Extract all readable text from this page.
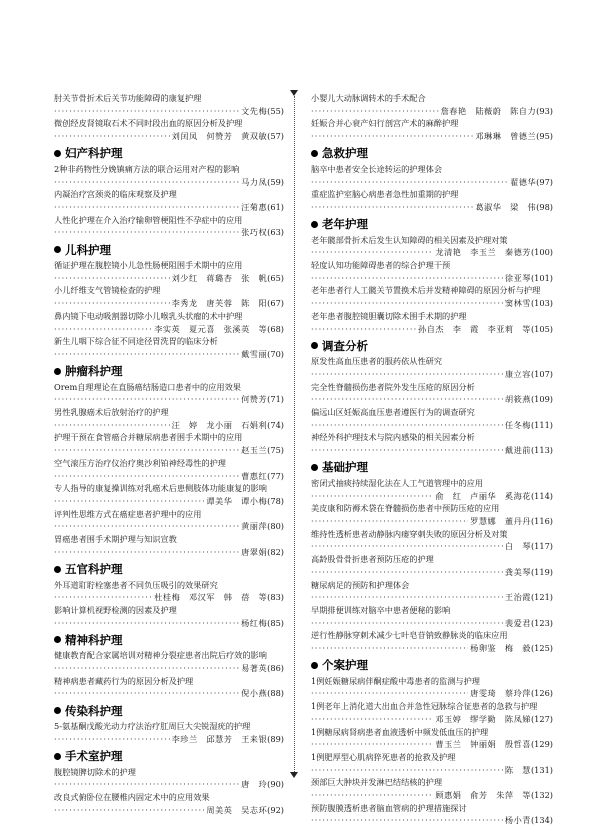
肘关节骨折术后关节功能障碍的康复护理
·····
文先梅 ( 55 )
微创经皮肾镜取石术不同时段出血的原因分析及护理
·····
刘闰凤　何赞芳　黄双敏 ( 57 )
妇产科护理
2种非药物性分娩镇痛方法的联合运用对产程的影响
·····
马力凤 ( 59 )
内凝治疗宫颈炎的临床观察及护理
·····
汪菊惠 ( 61 )
人性化护理在介入治疗输卵管梗阻性不孕症中的应用
·····
张巧权 ( 63 )
儿科护理
循证护理在腹腔镜小儿急性肠梗阻围手术期中的应用
·····
刘少红　蒋璐杏　张　帆 ( 65 )
小儿纤维支气管镜检查的护理
·····
李秀龙　唐芙蓉　陈　阳 ( 67 )
鼻内镜下电动吸割器切除小儿喉乳头状瘤的术中护理
·····
李实英　夏元喜　张溪英　等 ( 68 )
新生儿咽下综合征不同途径胃洗胃的临床分析
·····
戴雪丽 ( 70 )
肿瘤科护理
Orem自理理论在直肠癌结肠造口患者中的应用效果
·····
何赞芳 ( 71 )
男性乳腺癌术后放射治疗的护理
·····
汪　婷　龙小丽　石娟利 ( 74 )
护理干预在食管癌合并糖尿病患者围手术期中的应用
·····
赵玉兰 ( 75 )
空气滚压方治疗仪治疗奥沙利铂神经毒性的护理
·····
曹惠红 ( 77 )
专人指导的康复操训练对乳癌术后患侧肢体功能康复的影响
·····
谭美华　谭小梅 ( 78 )
评判性思维方式在癌症患者护理中的应用
·····
黄丽萍 ( 80 )
胃癌患者围手术期护理与知识宣教
·····
唐翠娟 ( 82 )
五官科护理
外耳道耵聍栓塞患者不同负压吸引的效果研究
·····
杜桂梅　邓汉军　韩　蓓　等 ( 83 )
影响计算机视野检测的因素及护理
·····
杨红梅 ( 85 )
精神科护理
健康教育配合家属培训对精神分裂症患者出院后疗效的影响
·····
易著英 ( 86 )
精神病患者藏药行为的原因分析及护理
·····
倪小燕 ( 88 )
传染科护理
5-氨基酮戊酸光动力疗法治疗肛周巨大尖锐湿疣的护理
·····
李珍兰　邱慧芳　王来银 ( 89 )
手术室护理
腹腔镜脾切除术的护理
·····
唐　玲 ( 90 )
改良式俯卧位在腰椎内固定术中的应用效果
·····
周美英　吴志环 ( 92 )
小婴儿大动脉调转术的手术配合
·····
詹春艳　陆薇蔚　陈自力 ( 93 )
妊娠合并心衰产妇行剖宫产术的麻醉护理
·····
邓琳琳　曾德兰 ( 95 )
急救护理
脑卒中患者安全长途转运的护理体会
·····
翟德华 ( 97 )
重症监护室脑心病患者急性加重期的护理
·····
葛淑华　梁　伟 ( 98 )
老年护理
老年髋部骨折术后发生认知障碍的相关因素及护理对策
·····
龙清艳　李玉兰　秦德芳 ( 100 )
轻度认知功能障碍患者的综合护理干预
·····
徐亚琴 ( 101 )
老年患者行人工髋关节置换术后并发精神障碍的原因分析与护理
·····
窦林雪 ( 103 )
老年患者腹腔镜胆囊切除术围手术期的护理
·····
孙自杰　李　霞　李亚莉　等 ( 105 )
调查分析
原发性高血压患者的服药依从性研究
·····
康立容 ( 107 )
完全性脊髓损伤患者院外发生压疮的原因分析
·····
胡筱燕 ( 109 )
偏远山区妊娠高血压患者遵医行为的调查研究
·····
任冬梅 ( 111 )
神经外科护理技术与院内感染的相关因素分析
·····
戴进前 ( 113 )
基础护理
密闭式抽痰持续湿化法在人工气道管理中的应用
·····
俞　红　卢丽华　奚海花 ( 114 )
美皮康和防褥术袋在脊髓损伤患者中预防压疮的应用
·····
罗慧娜　董丹丹 ( 116 )
维持性透析患者动静脉内瘘穿刺失败的原因分析及对策
·····
白　琴 ( 117 )
高龄股骨骨折患者预防压疮的护理
·····
龚美琴 ( 119 )
糖尿病足的预防和护理体会
·····
王治霞 ( 121 )
早期排便训练对脑卒中患者便秘的影响
·····
裴爱君 ( 123 )
逆行性静脉穿刺术减少七叶皂苷钠致静脉炎的临床应用
·····
杨卵鉴　梅　毅 ( 125 )
个案护理
1例妊娠糖尿病伴酮症酸中毒患者的监测与护理
·····
唐雯琦　蔡玲萍 ( 126 )
1例老年上消化道大出血合并急性冠脉综合征患者的急救与护理
·····
邓玉婷　缪学勤　陈凤娣 ( 127 )
1例糖尿病肾病患者血液透析中频发低血压的护理
·····
曹玉兰　钟丽娟　殷哲喜 ( 129 )
1例肥厚型心肌病猝死患者的抢救及护理
·····
陈　慧 ( 131 )
颈部巨大肿块并发淋巴结结核的护理
·····
顾惠娟　俞芳　朱萍　等 ( 132 )
预防腹膜透析患者脑血管病的护理措施探讨
·····
杨小青 ( 134 )
